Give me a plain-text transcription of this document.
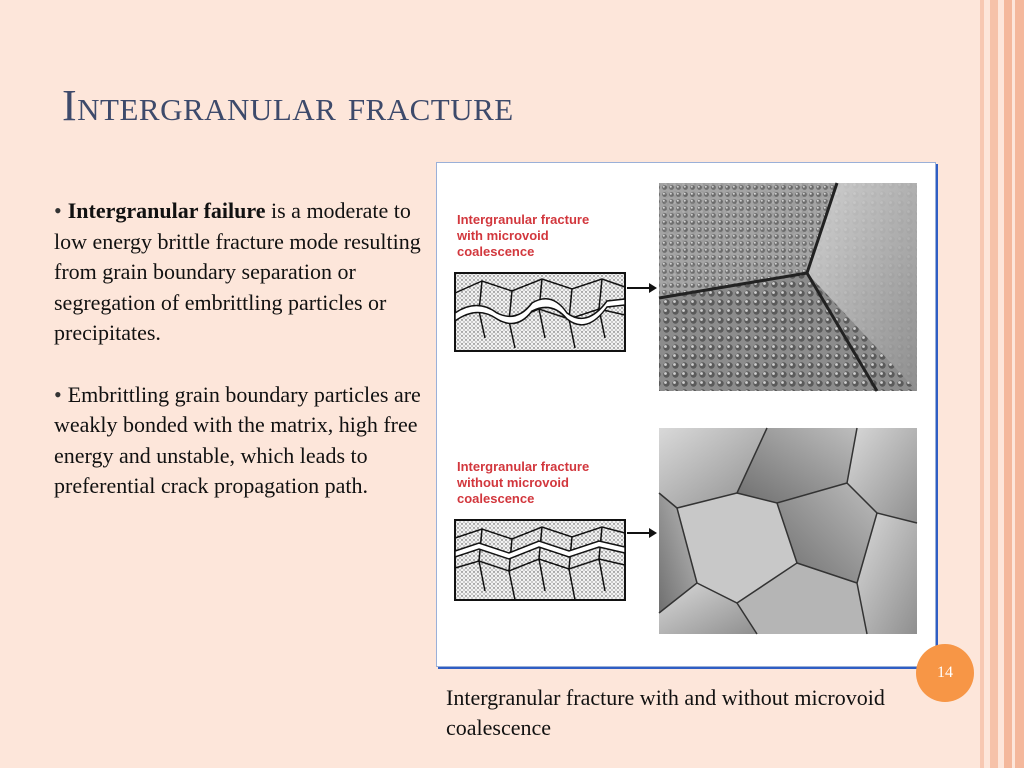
Intergranular fracture

• Intergranular failure is a moderate to low energy brittle fracture mode resulting from grain boundary separation or segregation of embrittling particles or precipitates.

• Embrittling grain boundary particles are weakly bonded with the matrix, high free energy and unstable, which leads to preferential crack propagation path.

Intergranular fracture
with microvoid
coalescence
Intergranular fracture
without microvoid
coalescence
Intergranular fracture with and without microvoid coalescence
14
